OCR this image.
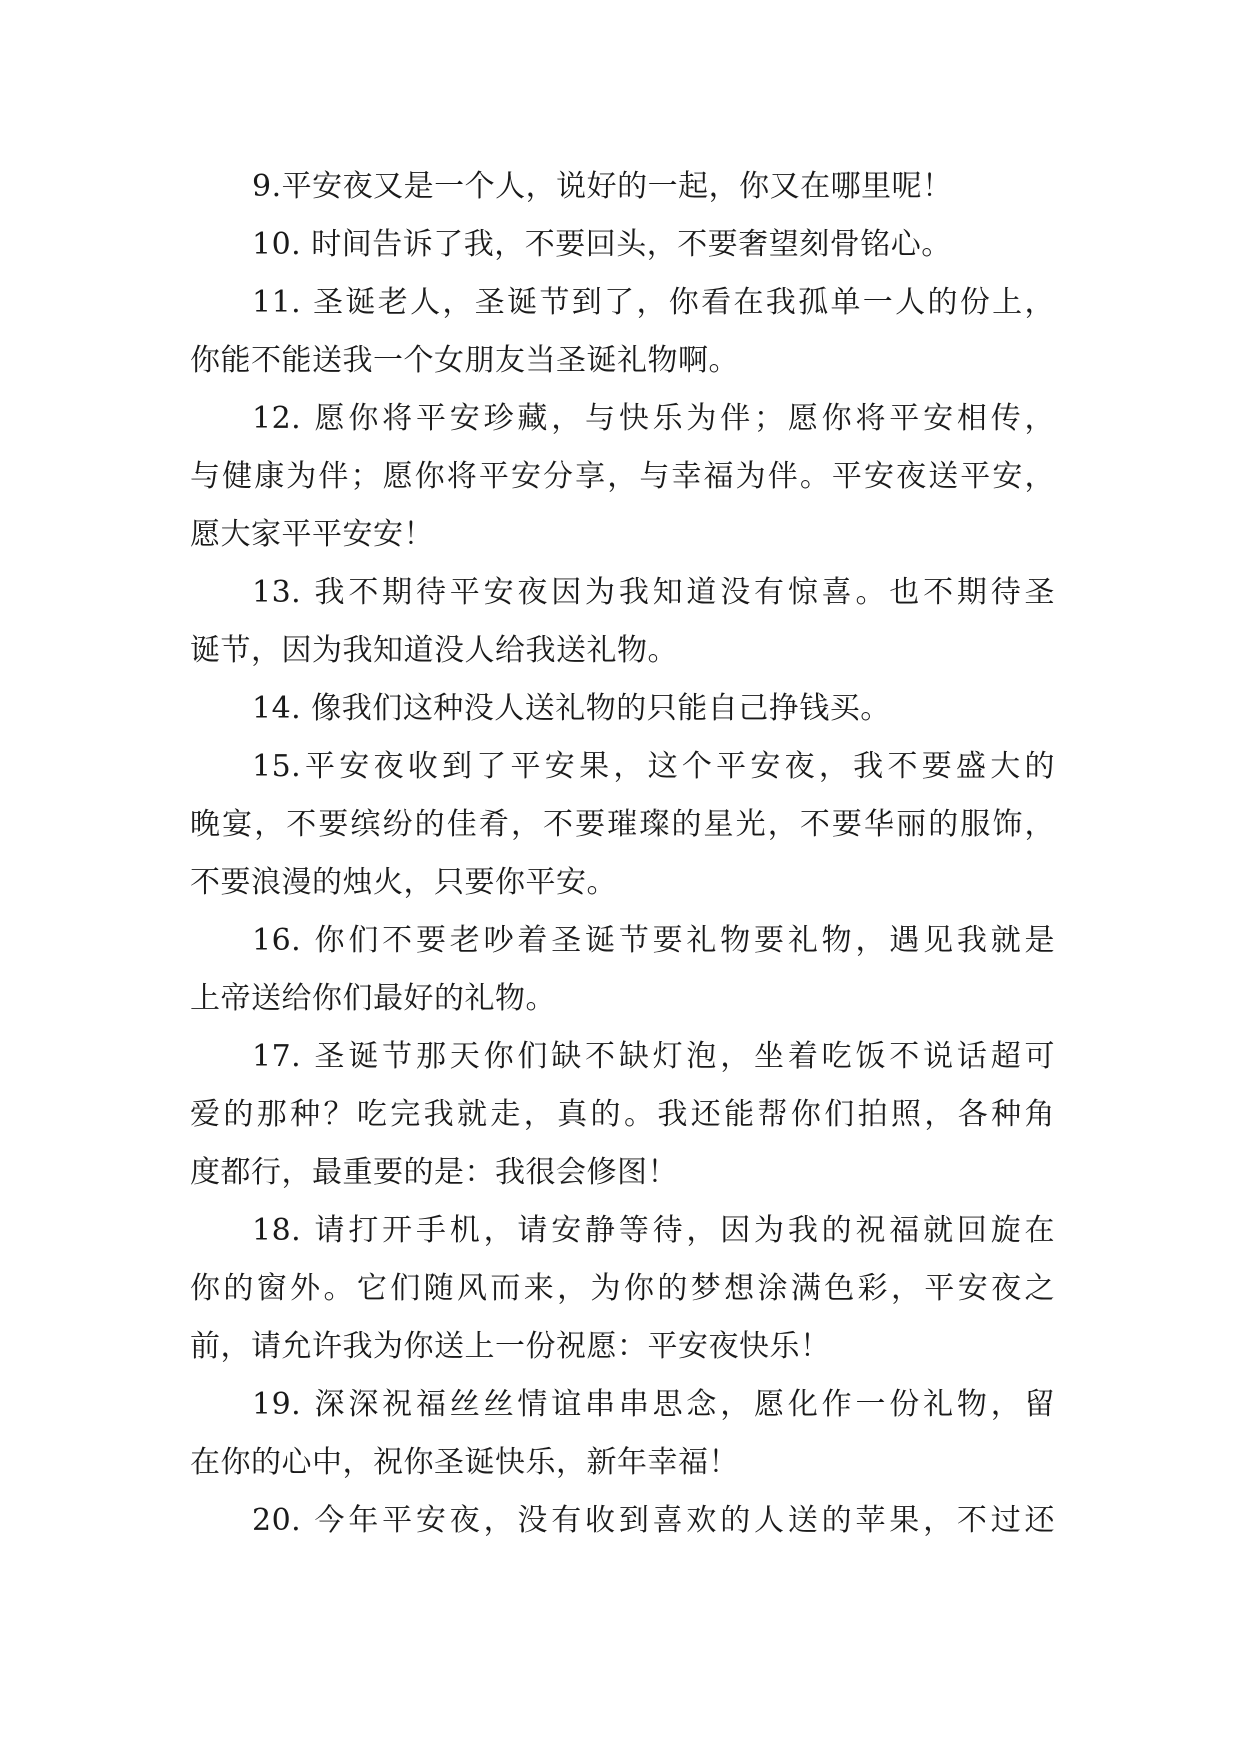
9.平安夜又是一个人，说好的一起，你又在哪里呢！
10. 时间告诉了我，不要回头，不要奢望刻骨铭心。
11. 圣诞老人，圣诞节到了，你看在我孤单一人的份上，
你能不能送我一个女朋友当圣诞礼物啊。
12. 愿你将平安珍藏，与快乐为伴；愿你将平安相传，
与健康为伴；愿你将平安分享，与幸福为伴。平安夜送平安，
愿大家平平安安！
13. 我不期待平安夜因为我知道没有惊喜。也不期待圣
诞节，因为我知道没人给我送礼物。
14. 像我们这种没人送礼物的只能自己挣钱买。
15.平安夜收到了平安果，这个平安夜，我不要盛大的
晚宴，不要缤纷的佳肴，不要璀璨的星光，不要华丽的服饰，
不要浪漫的烛火，只要你平安。
16. 你们不要老吵着圣诞节要礼物要礼物，遇见我就是
上帝送给你们最好的礼物。
17. 圣诞节那天你们缺不缺灯泡，坐着吃饭不说话超可
爱的那种？吃完我就走，真的。我还能帮你们拍照，各种角
度都行，最重要的是：我很会修图！
18. 请打开手机，请安静等待，因为我的祝福就回旋在
你的窗外。它们随风而来，为你的梦想涂满色彩，平安夜之
前，请允许我为你送上一份祝愿：平安夜快乐！
19. 深深祝福丝丝情谊串串思念，愿化作一份礼物，留
在你的心中，祝你圣诞快乐，新年幸福！
20. 今年平安夜，没有收到喜欢的人送的苹果，不过还
